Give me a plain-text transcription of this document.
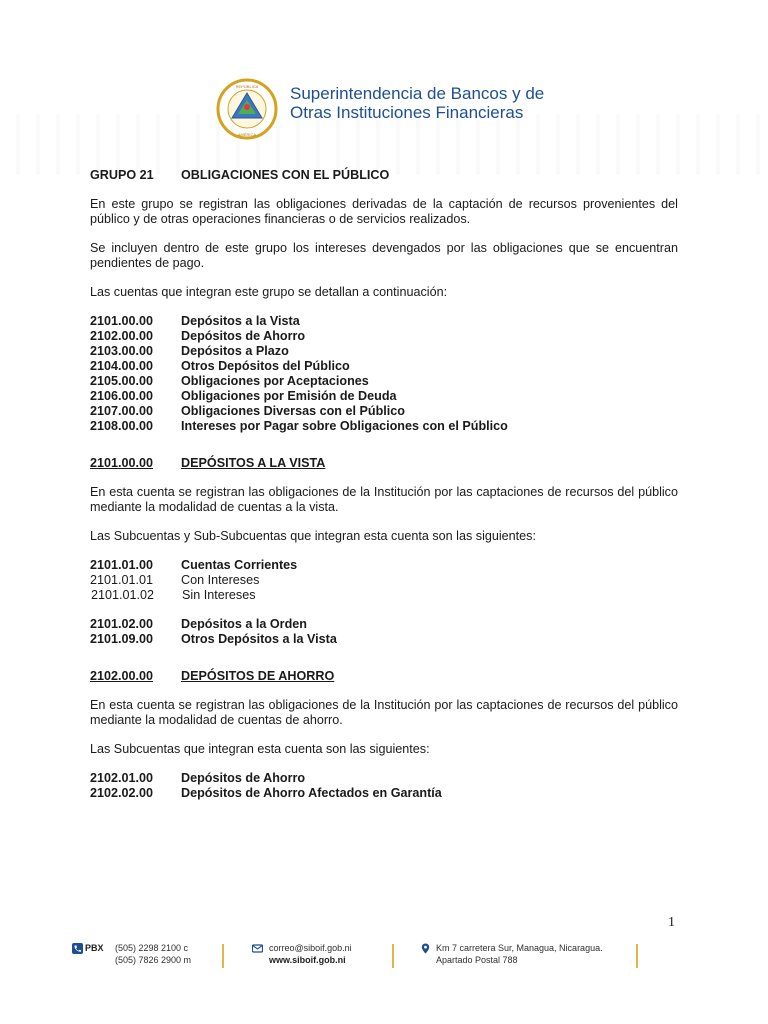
REPÚBLICA
AMÉRICA
Superintendencia de Bancos y de
Otras Instituciones Financieras
GRUPO 21	OBLIGACIONES CON EL PÚBLICO

En este grupo se registran las obligaciones derivadas de la captación de recursos provenientes del público y de otras operaciones financieras o de servicios realizados.

Se incluyen dentro de este grupo los intereses devengados por las obligaciones que se encuentran pendientes de pago.

Las cuentas que integran este grupo se detallan a continuación:

2101.00.00	Depósitos a la Vista
2102.00.00	Depósitos de Ahorro
2103.00.00	Depósitos a Plazo
2104.00.00	Otros Depósitos del Público
2105.00.00	Obligaciones por Aceptaciones
2106.00.00	Obligaciones por Emisión de Deuda
2107.00.00	Obligaciones Diversas con el Público
2108.00.00	Intereses por Pagar sobre Obligaciones con el Público
2101.00.00	DEPÓSITOS A LA VISTA

En esta cuenta se registran las obligaciones de la Institución por las captaciones de recursos del público mediante la modalidad de cuentas a la vista.

Las Subcuentas y Sub-Subcuentas que integran esta cuenta son las siguientes:

2101.01.00	Cuentas Corrientes
2101.01.01	Con Intereses
2101.01.02	Sin Intereses
2101.02.00	Depósitos a la Orden
2101.09.00	Otros Depósitos a la Vista
2102.00.00	DEPÓSITOS DE AHORRO

En esta cuenta se registran las obligaciones de la Institución por las captaciones de recursos del público mediante la modalidad de cuentas de ahorro.

Las Subcuentas que integran esta cuenta son las siguientes:

2102.01.00	Depósitos de Ahorro
2102.02.00	Depósitos de Ahorro Afectados en Garantía
1
PBX	(505) 2298 2100 c
(505) 7826 2900 m
correo@siboif.gob.ni
www.siboif.gob.ni
Km 7 carretera Sur, Managua, Nicaragua.
Apartado Postal 788
